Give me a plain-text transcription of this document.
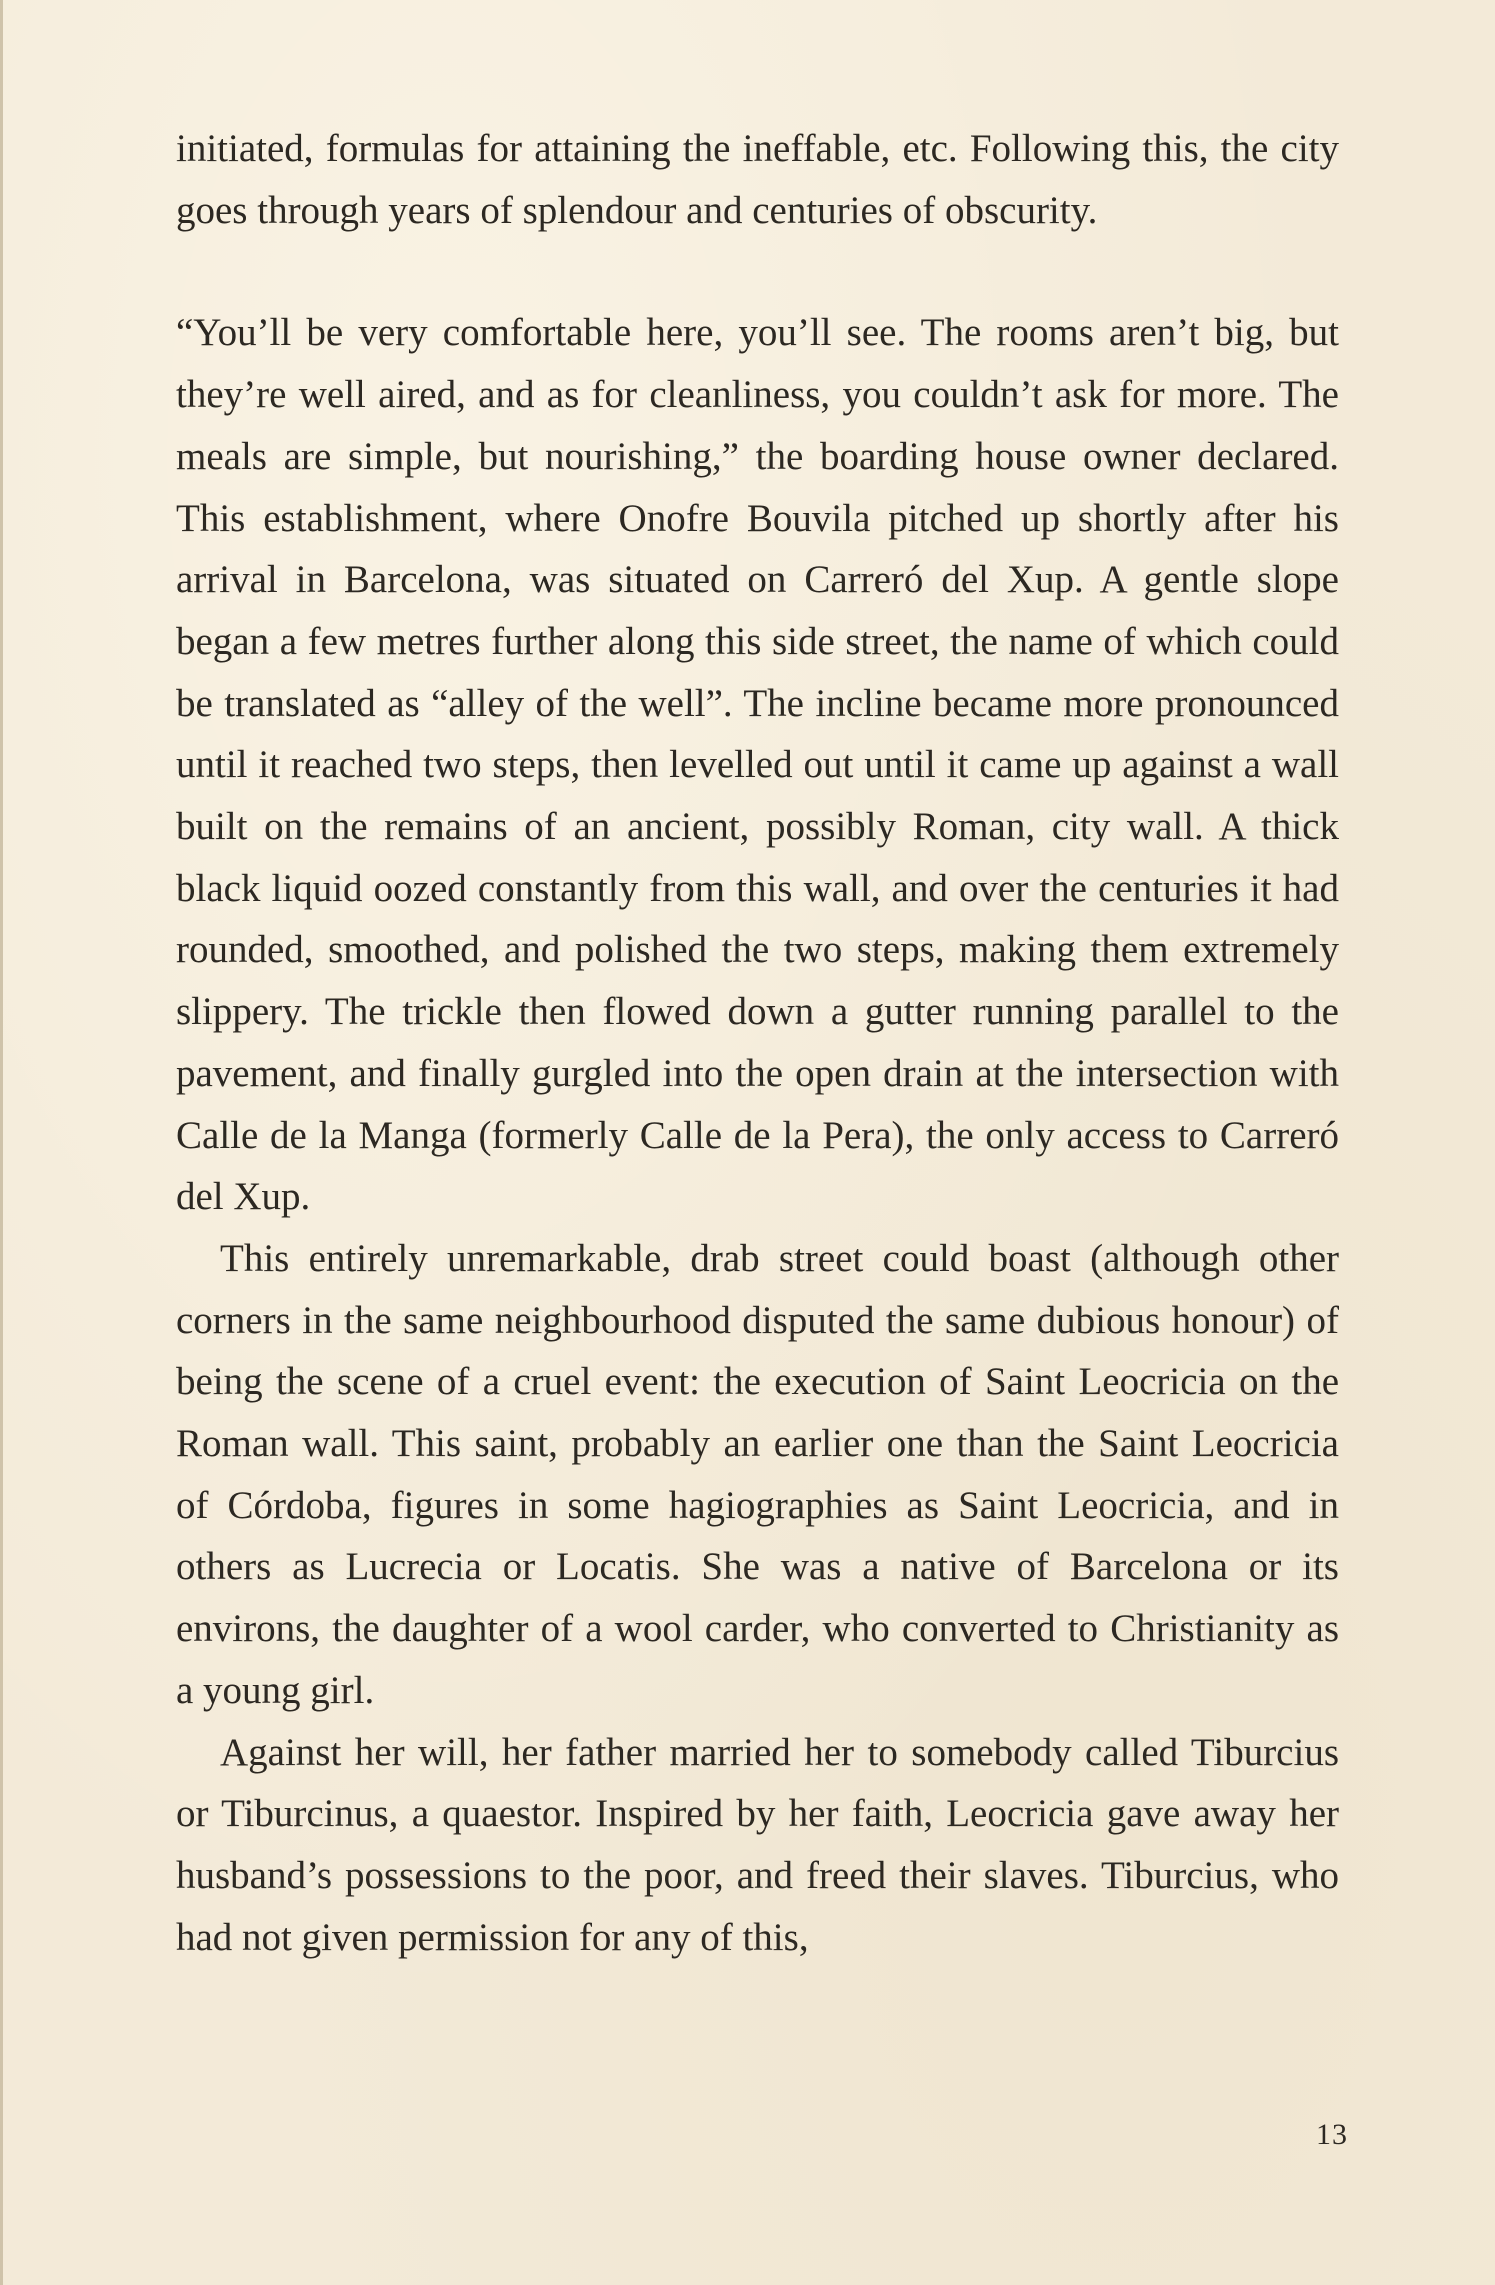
initiated, formulas for attaining the ineffable, etc. Following this, the city goes through years of splendour and centuries of obscurity.

“You’ll be very comfortable here, you’ll see. The rooms aren’t big, but they’re well aired, and as for cleanliness, you couldn’t ask for more. The meals are simple, but nourishing,” the boarding house owner declared. This establishment, where Onofre Bouvila pitched up shortly after his arrival in Barcelona, was situated on Carreró del Xup. A gentle slope began a few metres further along this side street, the name of which could be translated as “alley of the well”. The incline became more pronounced until it reached two steps, then levelled out until it came up against a wall built on the remains of an ancient, possibly Roman, city wall. A thick black liquid oozed constantly from this wall, and over the centuries it had rounded, smoothed, and polished the two steps, making them extremely slippery. The trickle then flowed down a gutter running parallel to the pavement, and finally gurgled into the open drain at the intersection with Calle de la Manga (formerly Calle de la Pera), the only access to Carreró del Xup.

This entirely unremarkable, drab street could boast (although other corners in the same neighbourhood disputed the same dubious honour) of being the scene of a cruel event: the execution of Saint Leocricia on the Roman wall. This saint, probably an earlier one than the Saint Leocricia of Córdoba, figures in some hagiographies as Saint Leocricia, and in others as Lucrecia or Locatis. She was a native of Barcelona or its environs, the daughter of a wool carder, who converted to Christianity as a young girl.

Against her will, her father married her to somebody called Tiburcius or Tiburcinus, a quaestor. Inspired by her faith, Leocricia gave away her husband’s possessions to the poor, and freed their slaves. Tiburcius, who had not given permission for any of this,

13
